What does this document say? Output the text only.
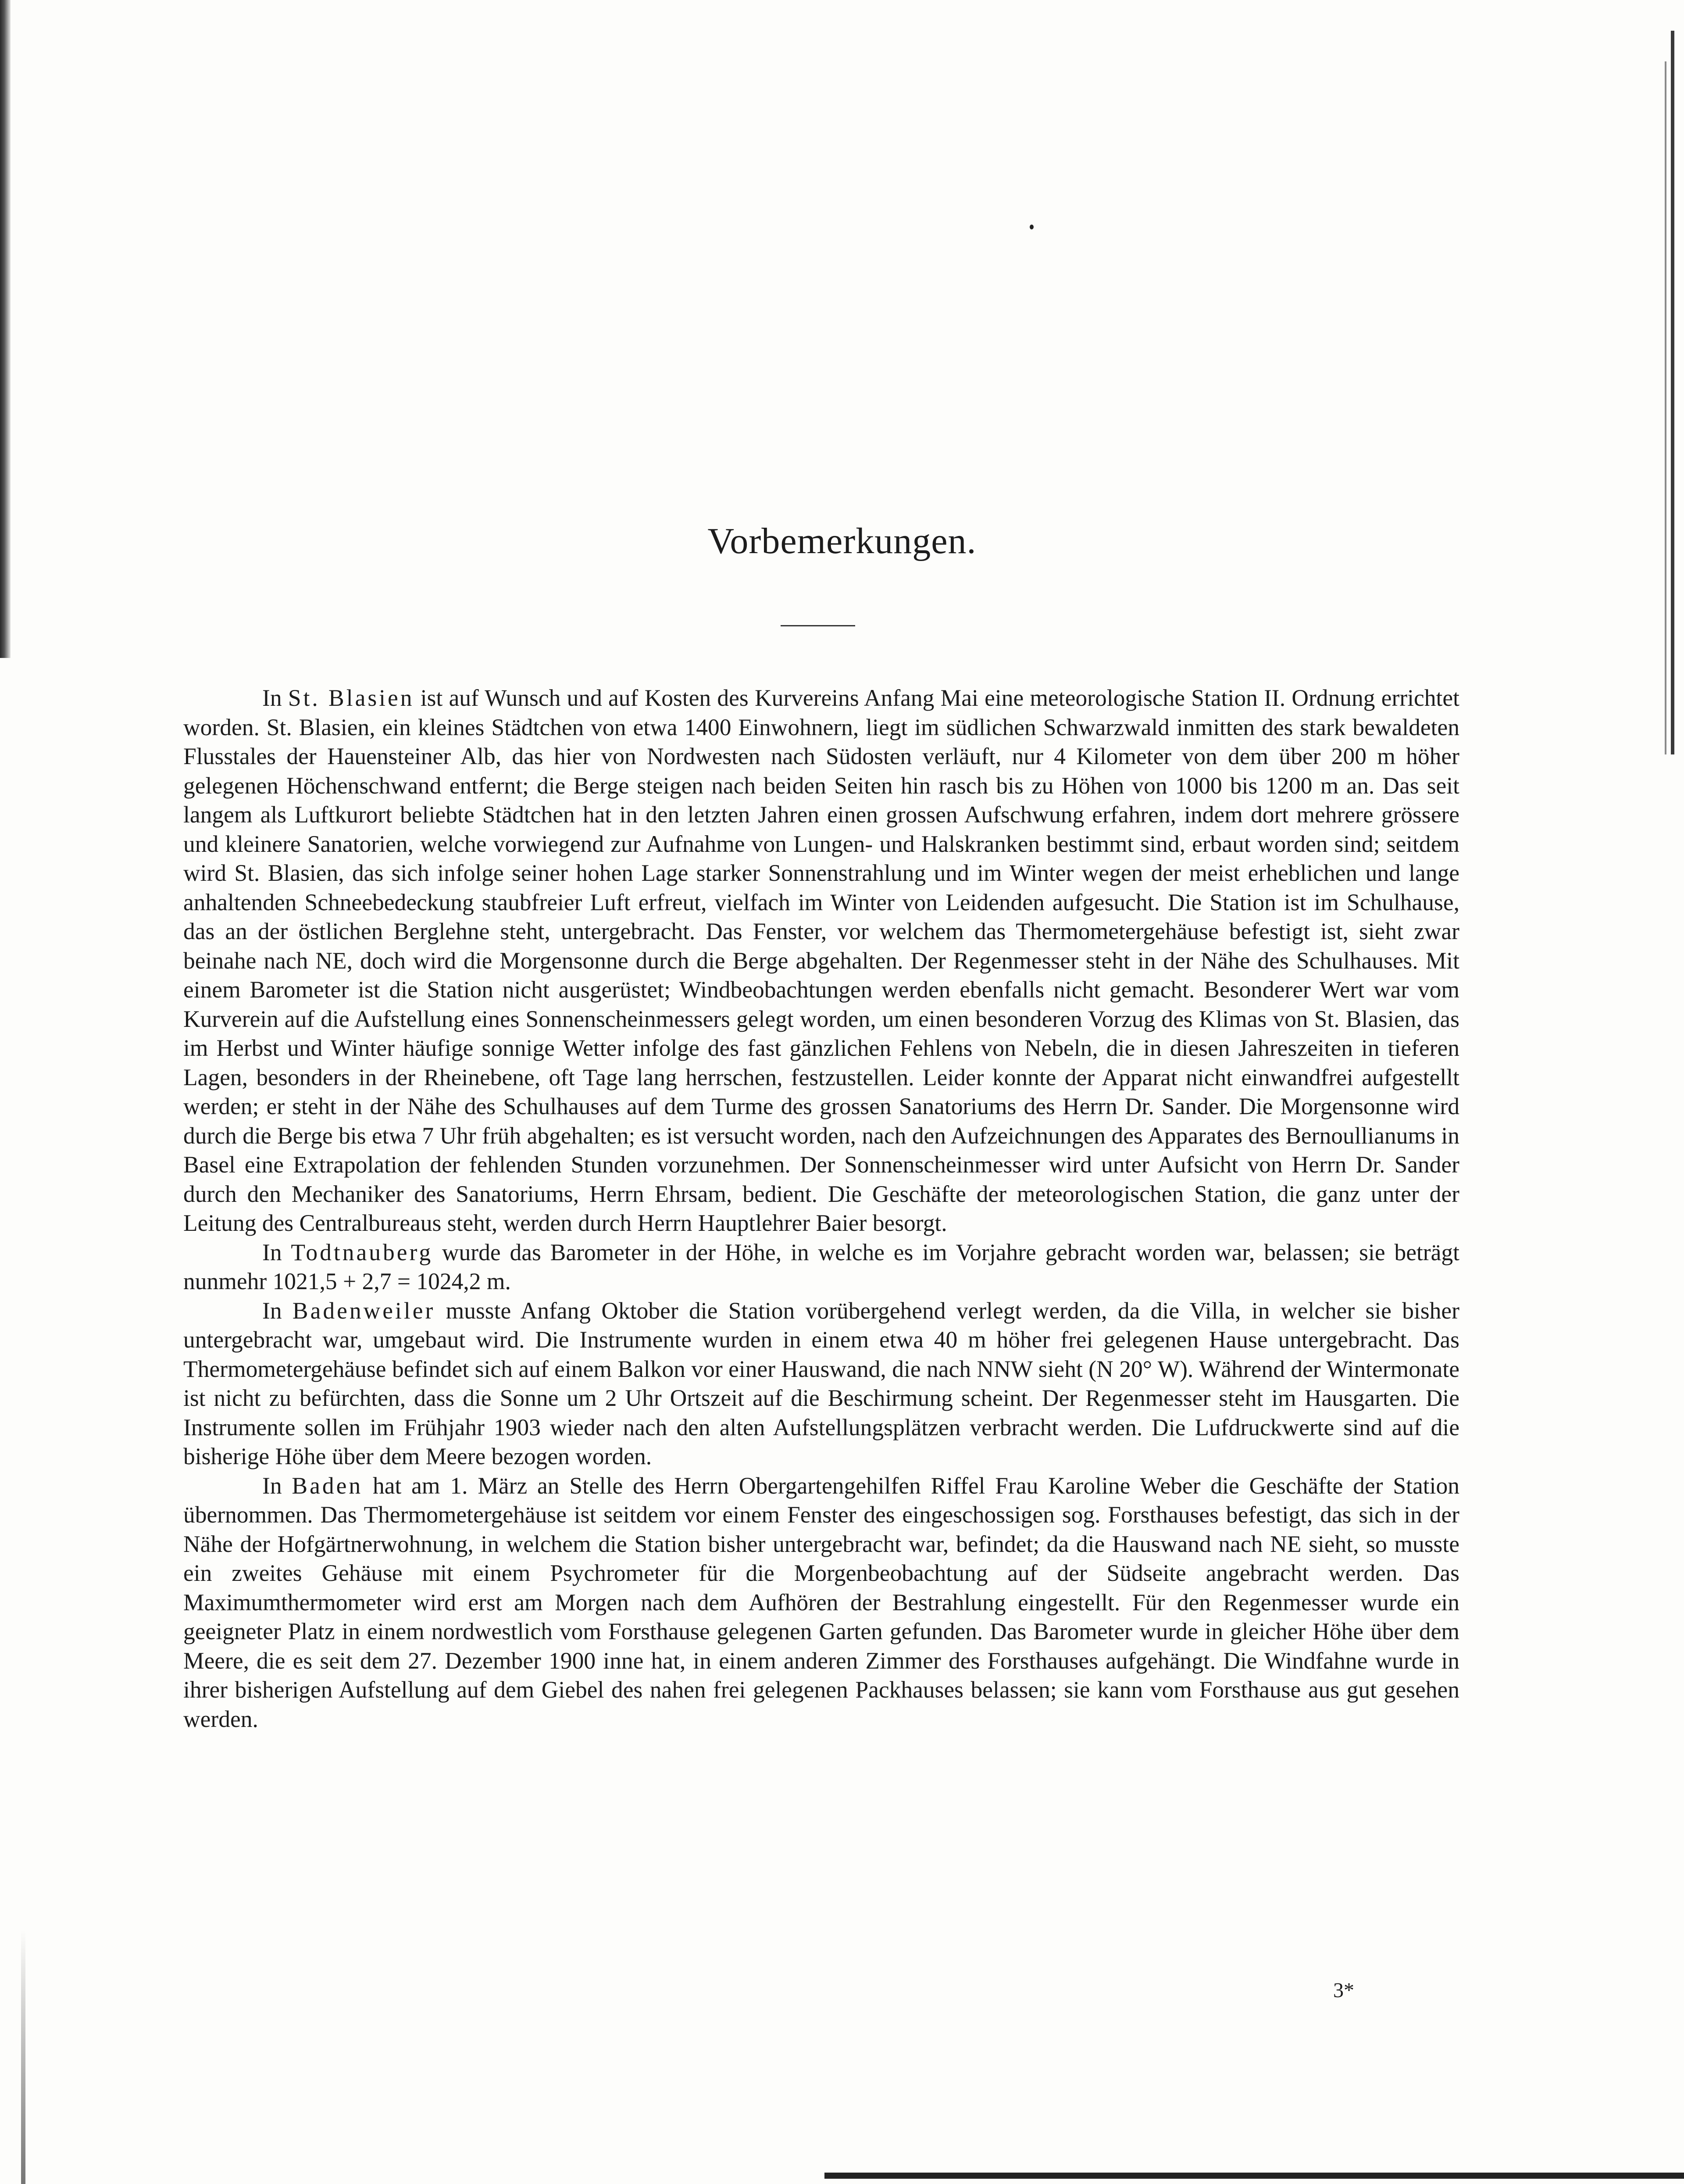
Vorbemerkungen.

In St. Blasien ist auf Wunsch und auf Kosten des Kurvereins Anfang Mai eine meteorologische Station II. Ordnung errichtet worden. St. Blasien, ein kleines Städtchen von etwa 1400 Einwohnern, liegt im südlichen Schwarzwald inmitten des stark bewaldeten Flusstales der Hauensteiner Alb, das hier von Nordwesten nach Südosten verläuft, nur 4 Kilometer von dem über 200 m höher gelegenen Höchenschwand entfernt; die Berge steigen nach beiden Seiten hin rasch bis zu Höhen von 1000 bis 1200 m an. Das seit langem als Luftkurort beliebte Städtchen hat in den letzten Jahren einen grossen Aufschwung erfahren, indem dort mehrere grössere und kleinere Sanatorien, welche vorwiegend zur Aufnahme von Lungen- und Halskranken bestimmt sind, erbaut worden sind; seitdem wird St. Blasien, das sich infolge seiner hohen Lage starker Sonnenstrahlung und im Winter wegen der meist erheblichen und lange anhaltenden Schneebedeckung staubfreier Luft erfreut, vielfach im Winter von Leidenden aufgesucht. Die Station ist im Schulhause, das an der östlichen Berglehne steht, untergebracht. Das Fenster, vor welchem das Thermometergehäuse befestigt ist, sieht zwar beinahe nach NE, doch wird die Morgensonne durch die Berge abgehalten. Der Regenmesser steht in der Nähe des Schulhauses. Mit einem Barometer ist die Station nicht ausgerüstet; Windbeobachtungen werden ebenfalls nicht gemacht. Besonderer Wert war vom Kurverein auf die Aufstellung eines Sonnenscheinmessers gelegt worden, um einen besonderen Vorzug des Klimas von St. Blasien, das im Herbst und Winter häufige sonnige Wetter infolge des fast gänzlichen Fehlens von Nebeln, die in diesen Jahreszeiten in tieferen Lagen, besonders in der Rheinebene, oft Tage lang herrschen, festzustellen. Leider konnte der Apparat nicht einwandfrei aufgestellt werden; er steht in der Nähe des Schulhauses auf dem Turme des grossen Sanatoriums des Herrn Dr. Sander. Die Morgensonne wird durch die Berge bis etwa 7 Uhr früh abgehalten; es ist versucht worden, nach den Aufzeichnungen des Apparates des Bernoullianums in Basel eine Extrapolation der fehlenden Stunden vorzunehmen. Der Sonnenscheinmesser wird unter Aufsicht von Herrn Dr. Sander durch den Mechaniker des Sanatoriums, Herrn Ehrsam, bedient. Die Geschäfte der meteorologischen Station, die ganz unter der Leitung des Centralbureaus steht, werden durch Herrn Hauptlehrer Baier besorgt.

In Todtnauberg wurde das Barometer in der Höhe, in welche es im Vorjahre gebracht worden war, belassen; sie beträgt nunmehr 1021,5 + 2,7 = 1024,2 m.

In Badenweiler musste Anfang Oktober die Station vorübergehend verlegt werden, da die Villa, in welcher sie bisher untergebracht war, umgebaut wird. Die Instrumente wurden in einem etwa 40 m höher frei gelegenen Hause untergebracht. Das Thermometergehäuse befindet sich auf einem Balkon vor einer Hauswand, die nach NNW sieht (N 20° W). Während der Wintermonate ist nicht zu befürchten, dass die Sonne um 2 Uhr Ortszeit auf die Beschirmung scheint. Der Regenmesser steht im Hausgarten. Die Instrumente sollen im Frühjahr 1903 wieder nach den alten Aufstellungsplätzen verbracht werden. Die Lufdruckwerte sind auf die bisherige Höhe über dem Meere bezogen worden.

In Baden hat am 1. März an Stelle des Herrn Obergartengehilfen Riffel Frau Karoline Weber die Geschäfte der Station übernommen. Das Thermometergehäuse ist seitdem vor einem Fenster des eingeschossigen sog. Forsthauses befestigt, das sich in der Nähe der Hofgärtnerwohnung, in welchem die Station bisher untergebracht war, befindet; da die Hauswand nach NE sieht, so musste ein zweites Gehäuse mit einem Psychrometer für die Morgenbeobachtung auf der Südseite angebracht werden. Das Maximumthermometer wird erst am Morgen nach dem Aufhören der Bestrahlung eingestellt. Für den Regenmesser wurde ein geeigneter Platz in einem nordwestlich vom Forsthause gelegenen Garten gefunden. Das Barometer wurde in gleicher Höhe über dem Meere, die es seit dem 27. Dezember 1900 inne hat, in einem anderen Zimmer des Forsthauses aufgehängt. Die Windfahne wurde in ihrer bisherigen Aufstellung auf dem Giebel des nahen frei gelegenen Packhauses belassen; sie kann vom Forsthause aus gut gesehen werden.

3*
